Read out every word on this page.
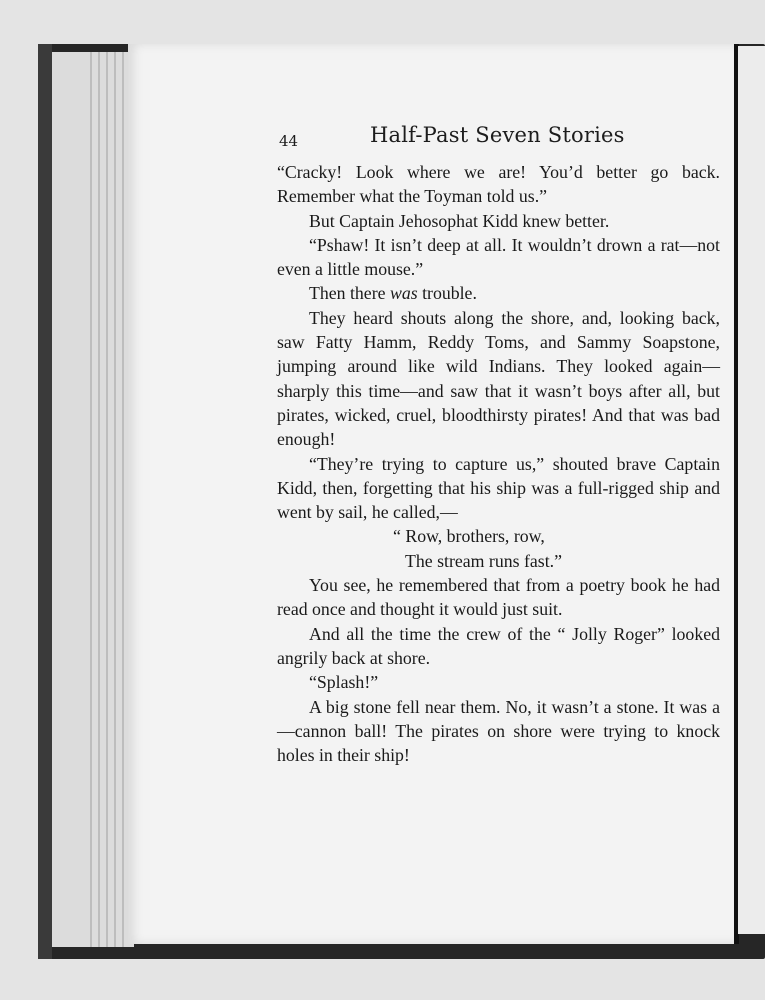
44	Half-Past Seven Stories

“Cracky! Look where we are! You’d better go back. Remember what the Toyman told us.”

But Captain Jehosophat Kidd knew better.

“Pshaw! It isn’t deep at all. It wouldn’t drown a rat—not even a little mouse.”

Then there was trouble.

They heard shouts along the shore, and, looking back, saw Fatty Hamm, Reddy Toms, and Sammy Soapstone, jumping around like wild Indians. They looked again—sharply this time—and saw that it wasn’t boys after all, but pirates, wicked, cruel, bloodthirsty pirates! And that was bad enough!

“They’re trying to capture us,” shouted brave Captain Kidd, then, forgetting that his ship was a full-rigged ship and went by sail, he called,—

“ Row, brothers, row,
The stream runs fast.”

You see, he remembered that from a poetry book he had read once and thought it would just suit.

And all the time the crew of the “ Jolly Roger” looked angrily back at shore.

“Splash!”

A big stone fell near them. No, it wasn’t a stone. It was a—cannon ball! The pirates on shore were trying to knock holes in their ship!
